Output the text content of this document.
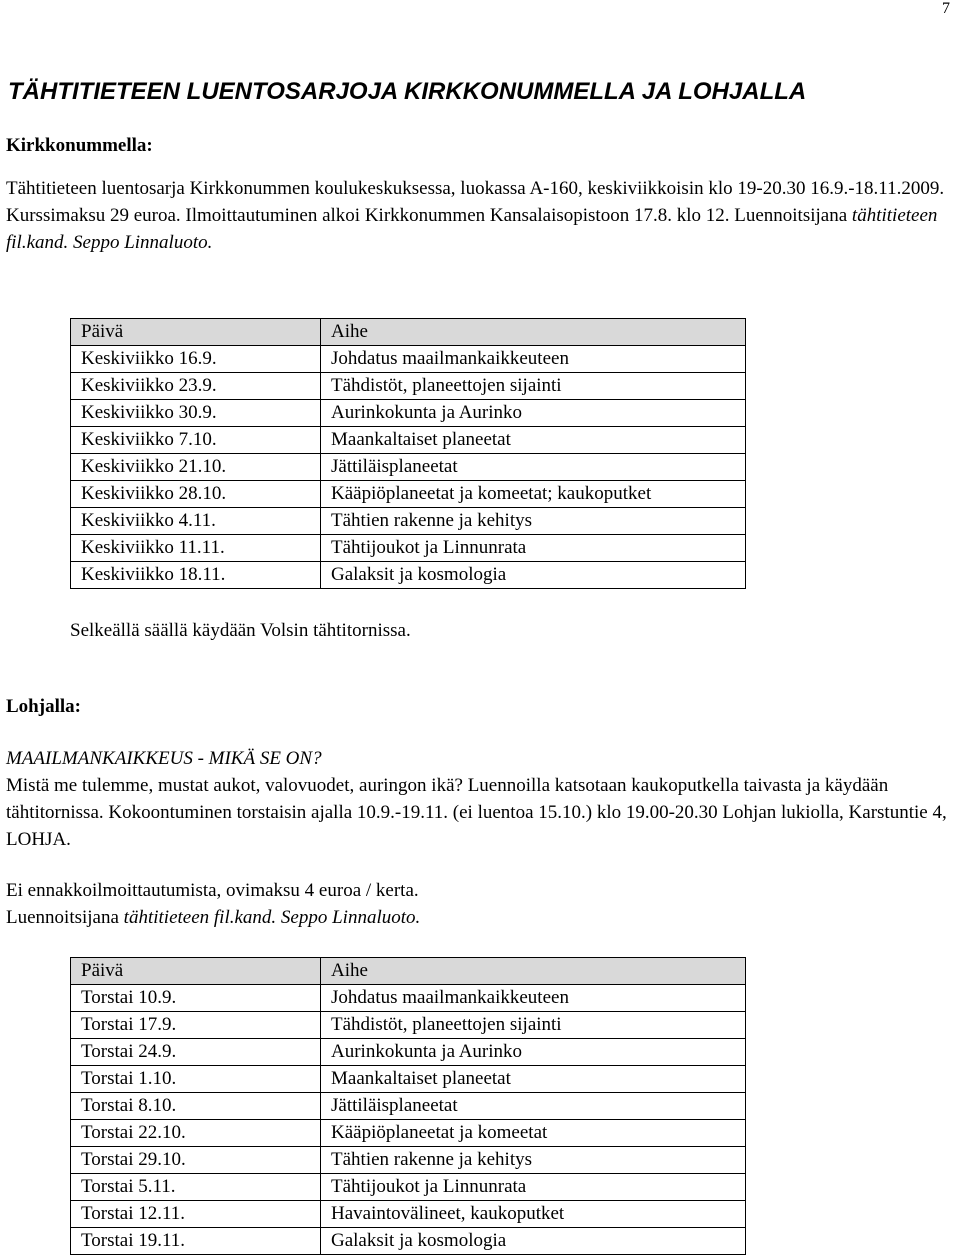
7
TÄHTITIETEEN LUENTOSARJOJA KIRKKONUMMELLA JA LOHJALLA
Kirkkonummella:

Tähtitieteen luentosarja Kirkkonummen koulukeskuksessa, luokassa A-160, keskiviikkoisin klo 19-20.30 16.9.-18.11.2009. Kurssimaksu 29 euroa. Ilmoittautuminen alkoi Kirkkonummen Kansalaisopistoon 17.8. klo 12. Luennoitsijana tähtitieteen fil.kand. Seppo Linnaluoto.

Päivä	Aihe
Keskiviikko 16.9.	Johdatus maailmankaikkeuteen
Keskiviikko 23.9.	Tähdistöt, planeettojen sijainti
Keskiviikko 30.9.	Aurinkokunta ja Aurinko
Keskiviikko 7.10.	Maankaltaiset planeetat
Keskiviikko 21.10.	Jättiläisplaneetat
Keskiviikko 28.10.	Kääpiöplaneetat ja komeetat; kaukoputket
Keskiviikko 4.11.	Tähtien rakenne ja kehitys
Keskiviikko 11.11.	Tähtijoukot ja Linnunrata
Keskiviikko 18.11.	Galaksit ja kosmologia

Selkeällä säällä käydään Volsin tähtitornissa.

Lohjalla:

MAAILMANKAIKKEUS - MIKÄ SE ON?

Mistä me tulemme, mustat aukot, valovuodet, auringon ikä? Luennoilla katsotaan kaukoputkella taivasta ja käydään tähtitornissa. Kokoontuminen torstaisin ajalla 10.9.-19.11. (ei luentoa 15.10.) klo 19.00-20.30 Lohjan lukiolla, Karstuntie 4, LOHJA.

Ei ennakkoilmoittautumista, ovimaksu 4 euroa / kerta.

Luennoitsijana tähtitieteen fil.kand. Seppo Linnaluoto.

Päivä	Aihe
Torstai 10.9.	Johdatus maailmankaikkeuteen
Torstai 17.9.	Tähdistöt, planeettojen sijainti
Torstai 24.9.	Aurinkokunta ja Aurinko
Torstai 1.10.	Maankaltaiset planeetat
Torstai 8.10.	Jättiläisplaneetat
Torstai 22.10.	Kääpiöplaneetat ja komeetat
Torstai 29.10.	Tähtien rakenne ja kehitys
Torstai 5.11.	Tähtijoukot ja Linnunrata
Torstai 12.11.	Havaintovälineet, kaukoputket
Torstai 19.11.	Galaksit ja kosmologia
